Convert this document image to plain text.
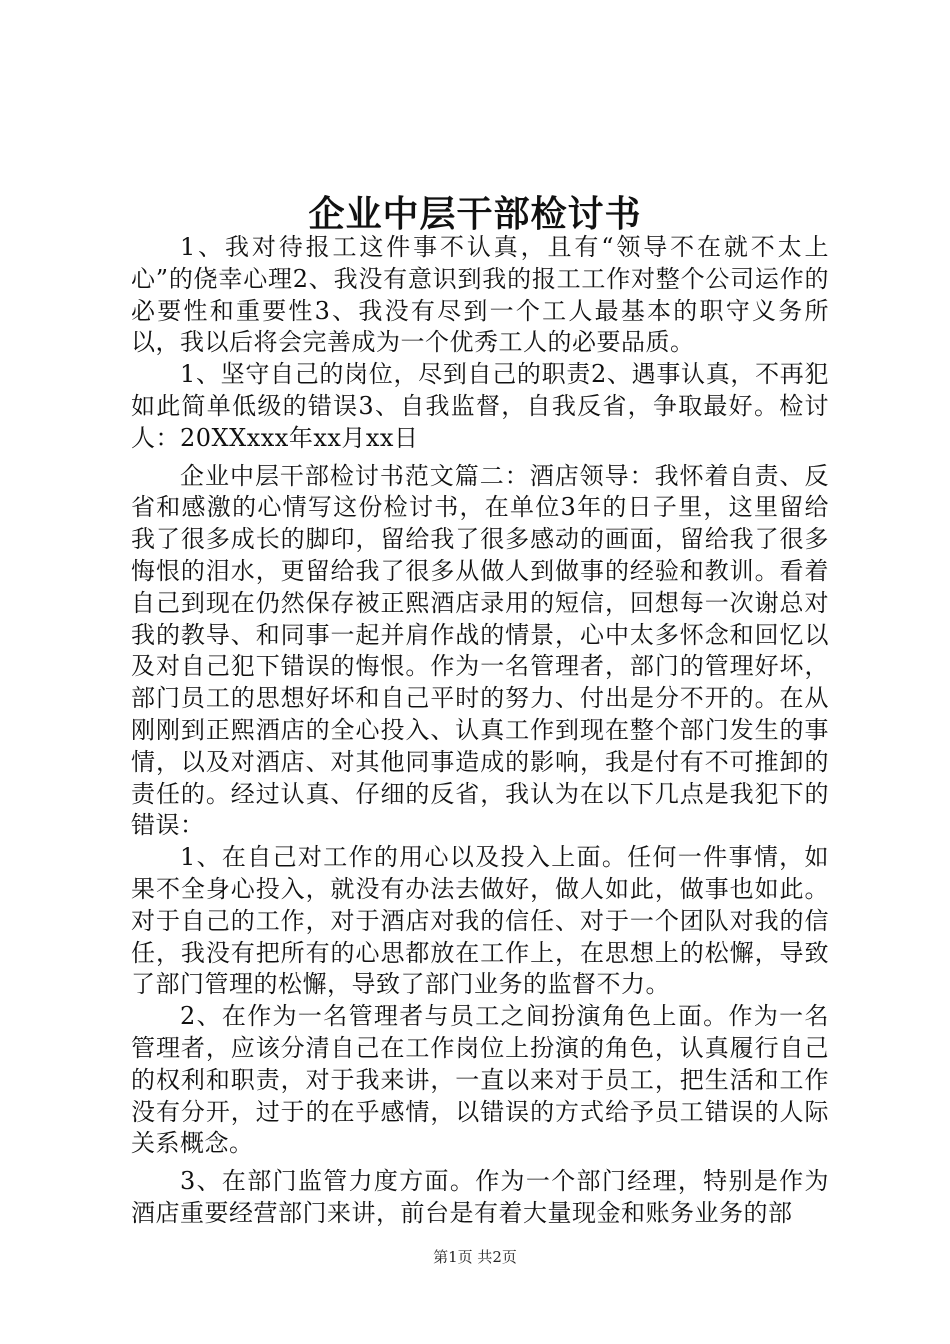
企业中层干部检讨书

1、我对待报工这件事不认真，且有“领导不在就不太上心”的侥幸心理2、我没有意识到我的报工工作对整个公司运作的必要性和重要性3、我没有尽到一个工人最基本的职守义务所以，我以后将会完善成为一个优秀工人的必要品质。

1、坚守自己的岗位，尽到自己的职责2、遇事认真，不再犯如此简单低级的错误3、自我监督，自我反省，争取最好。检讨人：20XXxxx年xx月xx日

企业中层干部检讨书范文篇二：酒店领导：我怀着自责、反省和感激的心情写这份检讨书，在单位3年的日子里，这里留给我了很多成长的脚印，留给我了很多感动的画面，留给我了很多悔恨的泪水，更留给我了很多从做人到做事的经验和教训。看着自己到现在仍然保存被正熙酒店录用的短信，回想每一次谢总对我的教导、和同事一起并肩作战的情景，心中太多怀念和回忆以及对自己犯下错误的悔恨。作为一名管理者，部门的管理好坏，部门员工的思想好坏和自己平时的努力、付出是分不开的。在从刚刚到正熙酒店的全心投入、认真工作到现在整个部门发生的事情，以及对酒店、对其他同事造成的影响，我是付有不可推卸的责任的。经过认真、仔细的反省，我认为在以下几点是我犯下的错误：

1、在自己对工作的用心以及投入上面。任何一件事情，如果不全身心投入，就没有办法去做好，做人如此，做事也如此。对于自己的工作，对于酒店对我的信任、对于一个团队对我的信任，我没有把所有的心思都放在工作上，在思想上的松懈，导致了部门管理的松懈，导致了部门业务的监督不力。

2、在作为一名管理者与员工之间扮演角色上面。作为一名管理者，应该分清自己在工作岗位上扮演的角色，认真履行自己的权利和职责，对于我来讲，一直以来对于员工，把生活和工作没有分开，过于的在乎感情，以错误的方式给予员工错误的人际关系概念。

3、在部门监管力度方面。作为一个部门经理，特别是作为酒店重要经营部门来讲，前台是有着大量现金和账务业务的部

第1页 共2页
